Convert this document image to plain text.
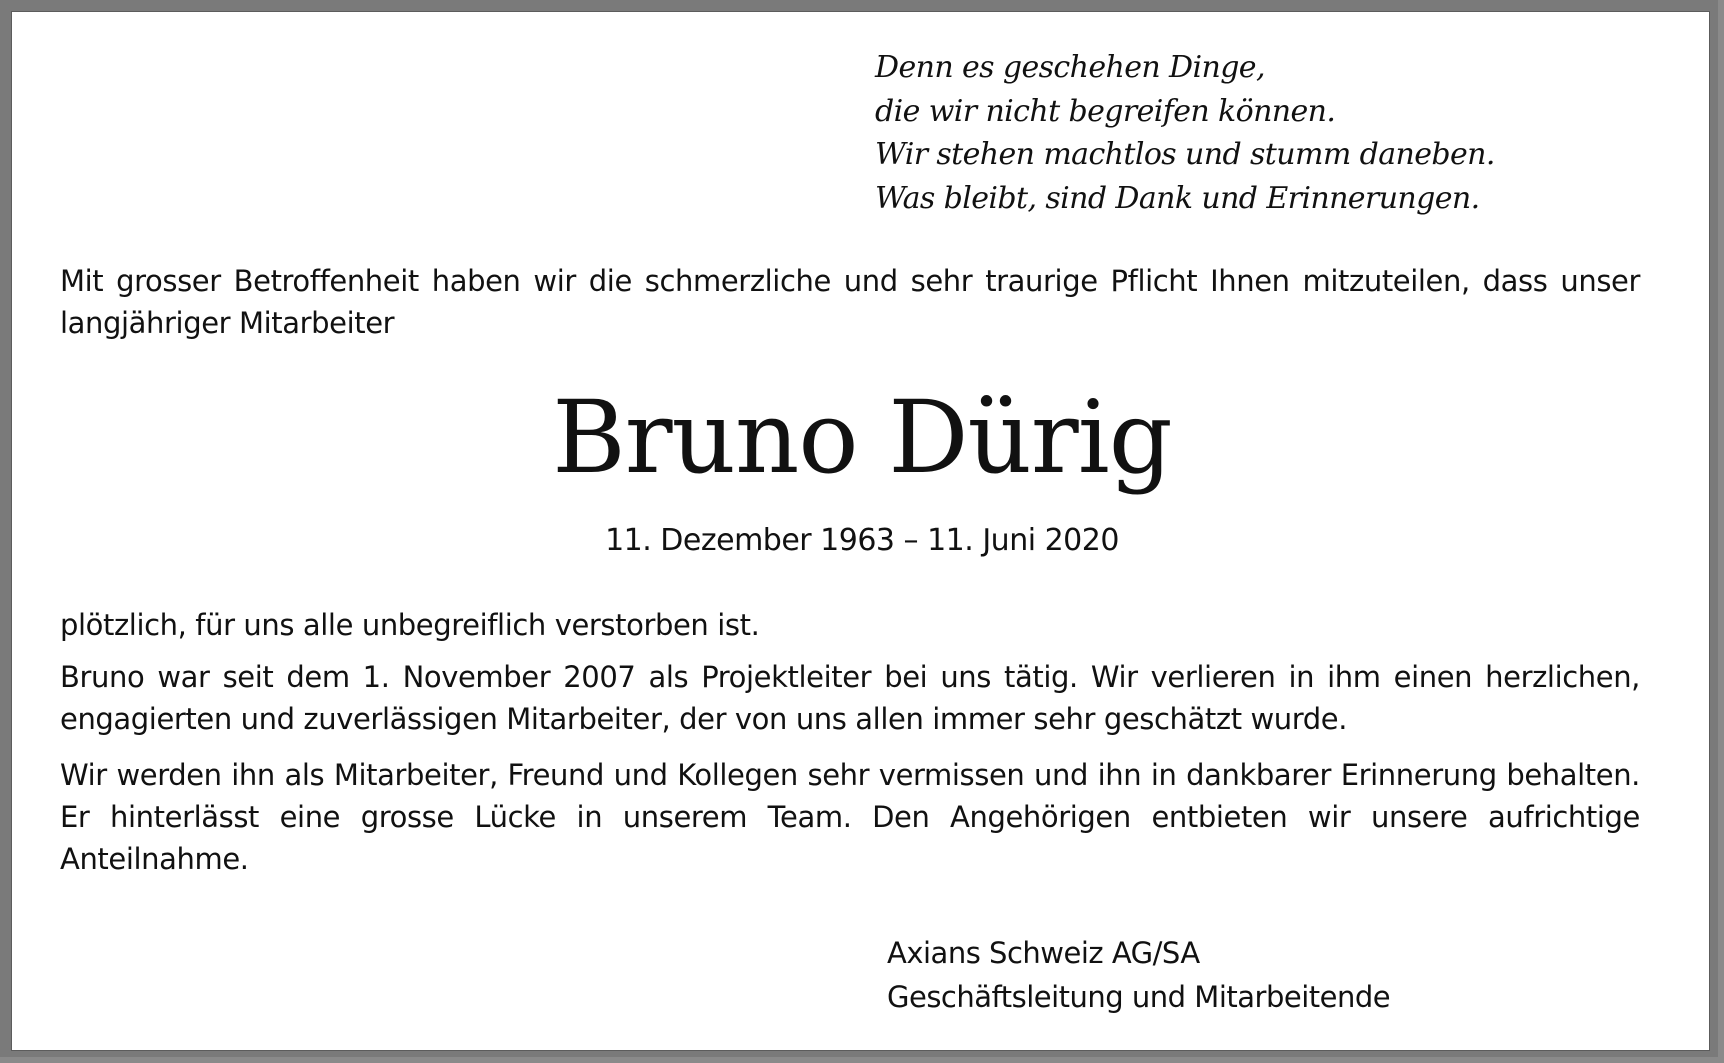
Denn es geschehen Dinge,
die wir nicht begreifen können.
Wir stehen machtlos und stumm daneben.
Was bleibt, sind Dank und Erinnerungen.
Mit grosser Betroffenheit haben wir die schmerzliche und sehr traurige Pflicht Ihnen mitzuteilen, dass unser langjähriger Mitarbeiter
Bruno Dürig
11. Dezember 1963 – 11. Juni 2020
plötzlich, für uns alle unbegreiflich verstorben ist.
Bruno war seit dem 1. November 2007 als Projektleiter bei uns tätig. Wir verlieren in ihm einen herzlichen, engagierten und zuverlässigen Mitarbeiter, der von uns allen immer sehr geschätzt wurde.
Wir werden ihn als Mitarbeiter, Freund und Kollegen sehr vermissen und ihn in dankbarer Erinnerung behalten. Er hinterlässt eine grosse Lücke in unserem Team. Den Angehörigen entbieten wir unsere aufrichtige Anteilnahme.
Axians Schweiz AG/SA
Geschäftsleitung und Mitarbeitende
